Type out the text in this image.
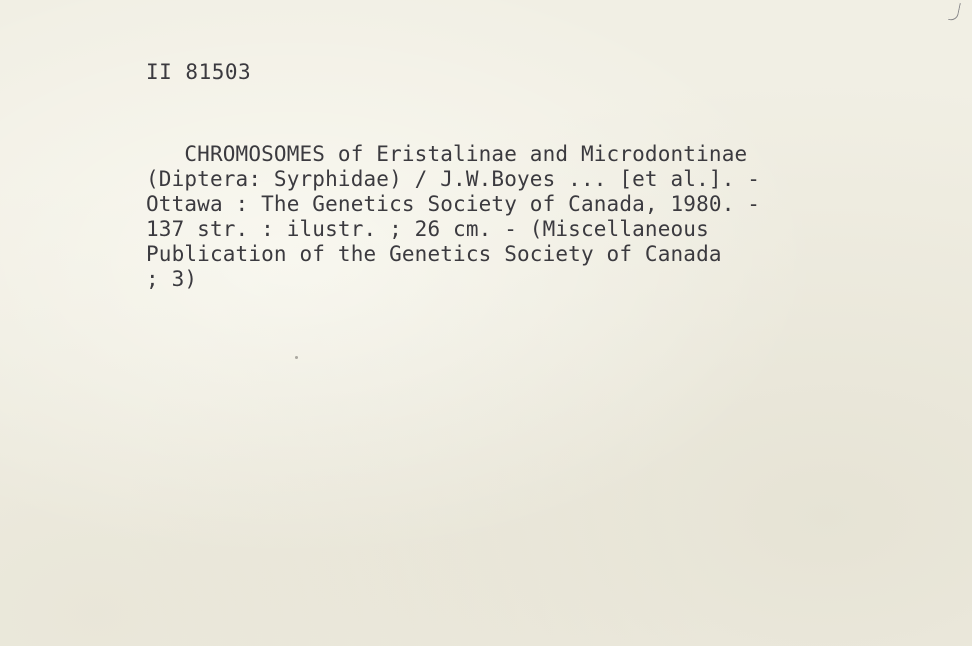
II 81503
CHROMOSOMES of Eristalinae and Microdontinae
(Diptera: Syrphidae) / J.W.Boyes ... [et al.]. -
Ottawa : The Genetics Society of Canada, 1980. -
137 str. : ilustr. ; 26 cm. - (Miscellaneous
Publication of the Genetics Society of Canada
; 3)
